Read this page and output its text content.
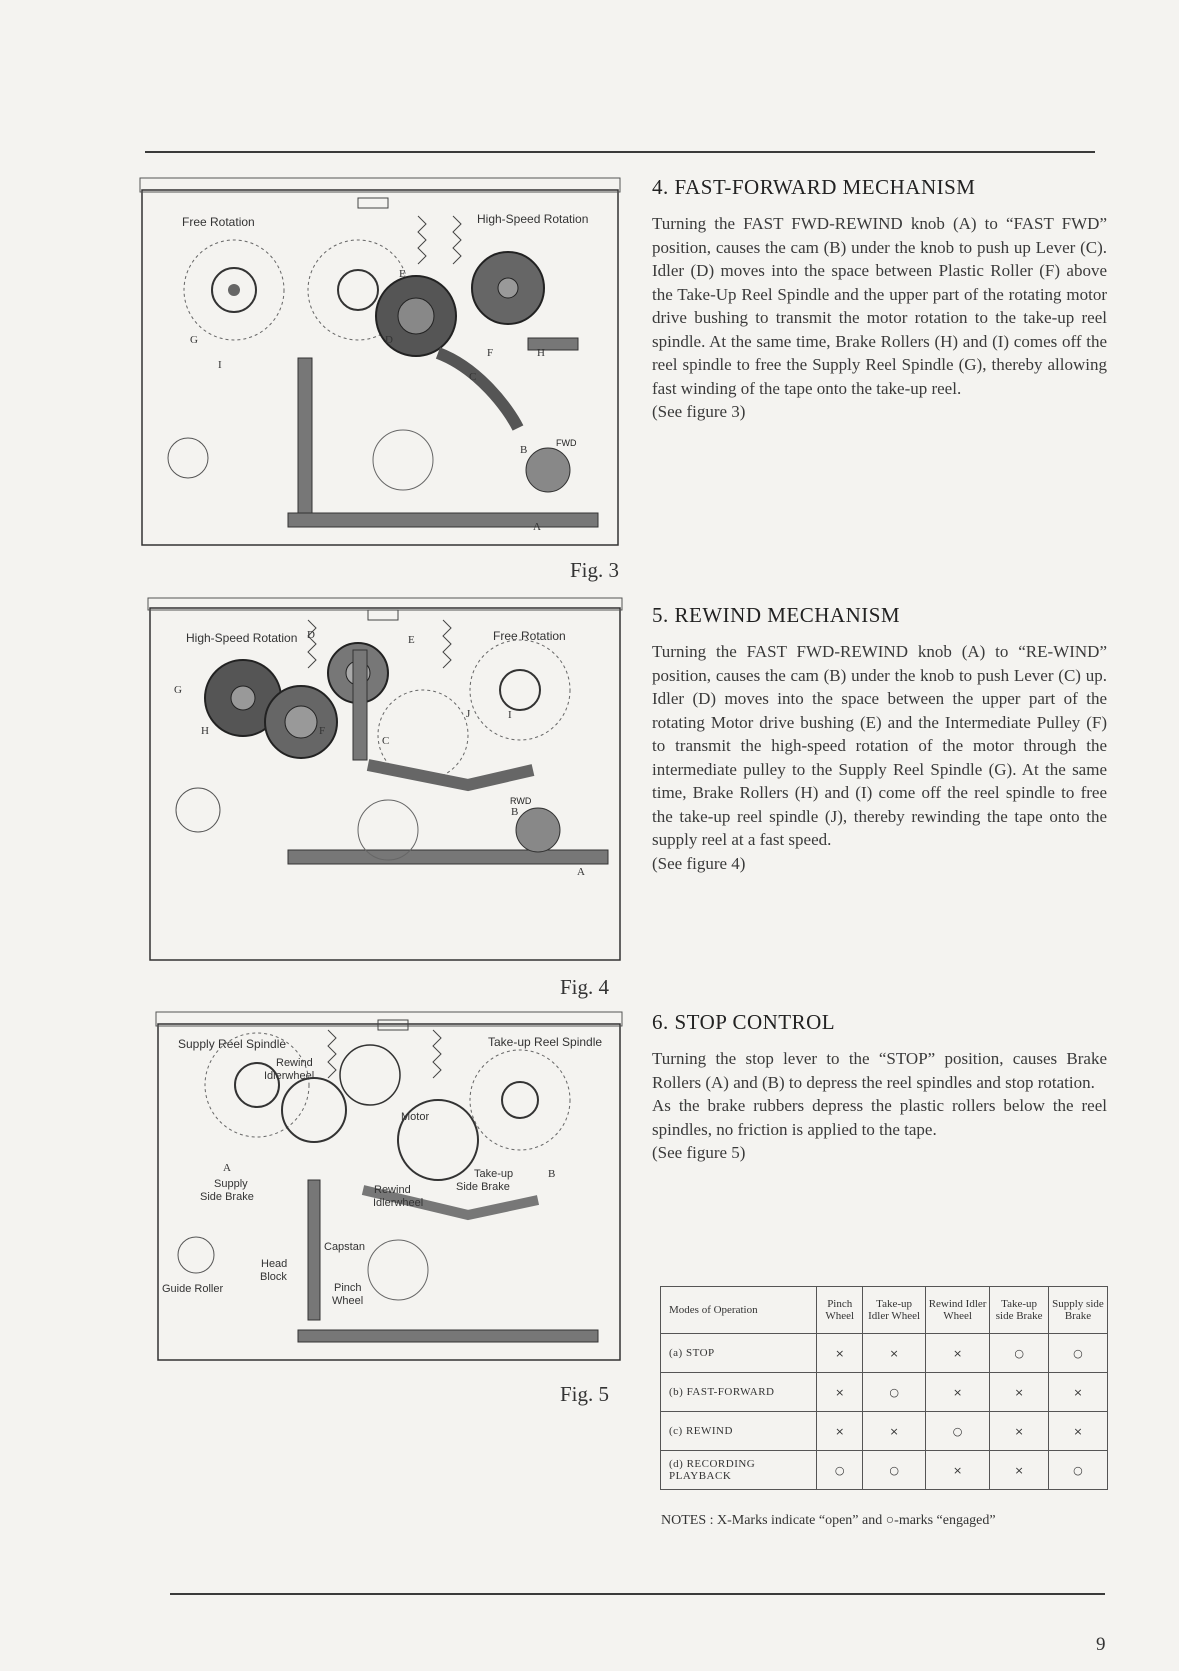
Free Rotation	High-Speed Rotation
FWD
A
B
C
D
E
F
G
H
I
Fig. 3
High-Speed Rotation	Free Rotation
RWD
A
B
C
D	E
F
G
H
I
J
Fig. 4
Supply Reel Spindle	Take-up Reel Spindle
A	B
Rewind
Idlerwheel
Motor
Take-up
Side Brake
Supply
Side Brake
Rewind
Idlerwheel
Capstan
Head
Block
Guide Roller	Pinch
Wheel
Fig. 5
4. FAST-FORWARD MECHANISM

Turning the FAST FWD-REWIND knob (A) to “FAST FWD” position, causes the cam (B) under the knob to push up Lever (C). Idler (D) moves into the space between Plastic Roller (F) above the Take-Up Reel Spindle and the upper part of the rotating motor drive bushing to transmit the motor rotation to the take-up reel spindle. At the same time, Brake Rollers (H) and (I) comes off the reel spindle to free the Supply Reel Spindle (G), thereby allowing fast winding of the tape onto the take-up reel.

(See figure 3)

5. REWIND MECHANISM

Turning the FAST FWD-REWIND knob (A) to “RE-WIND” position, causes the cam (B) under the knob to push Lever (C) up. Idler (D) moves into the space between the upper part of the rotating Motor drive bushing (E) and the Intermediate Pulley (F) to transmit the high-speed rotation of the motor through the intermediate pulley to the Supply Reel Spindle (G). At the same time, Brake Rollers (H) and (I) come off the reel spindle to free the take-up reel spindle (J), thereby rewinding the tape onto the supply reel at a fast speed.

(See figure 4)

6. STOP CONTROL

Turning the stop lever to the “STOP” position, causes Brake Rollers (A) and (B) to depress the reel spindles and stop rotation.

As the brake rubbers depress the plastic rollers below the reel spindles, no friction is applied to the tape.

(See figure 5)

Modes of Operation	Pinch Wheel	Take-up Idler Wheel	Rewind Idler Wheel	Take-up side Brake	Supply side Brake
(a) STOP	×	×	×	○	○
(b) FAST-FORWARD	×	○	×	×	×
(c) REWIND	×	×	○	×	×
(d) RECORDING PLAYBACK	○	○	×	×	○
NOTES : X-Marks indicate “open” and ○-marks “engaged”
9
